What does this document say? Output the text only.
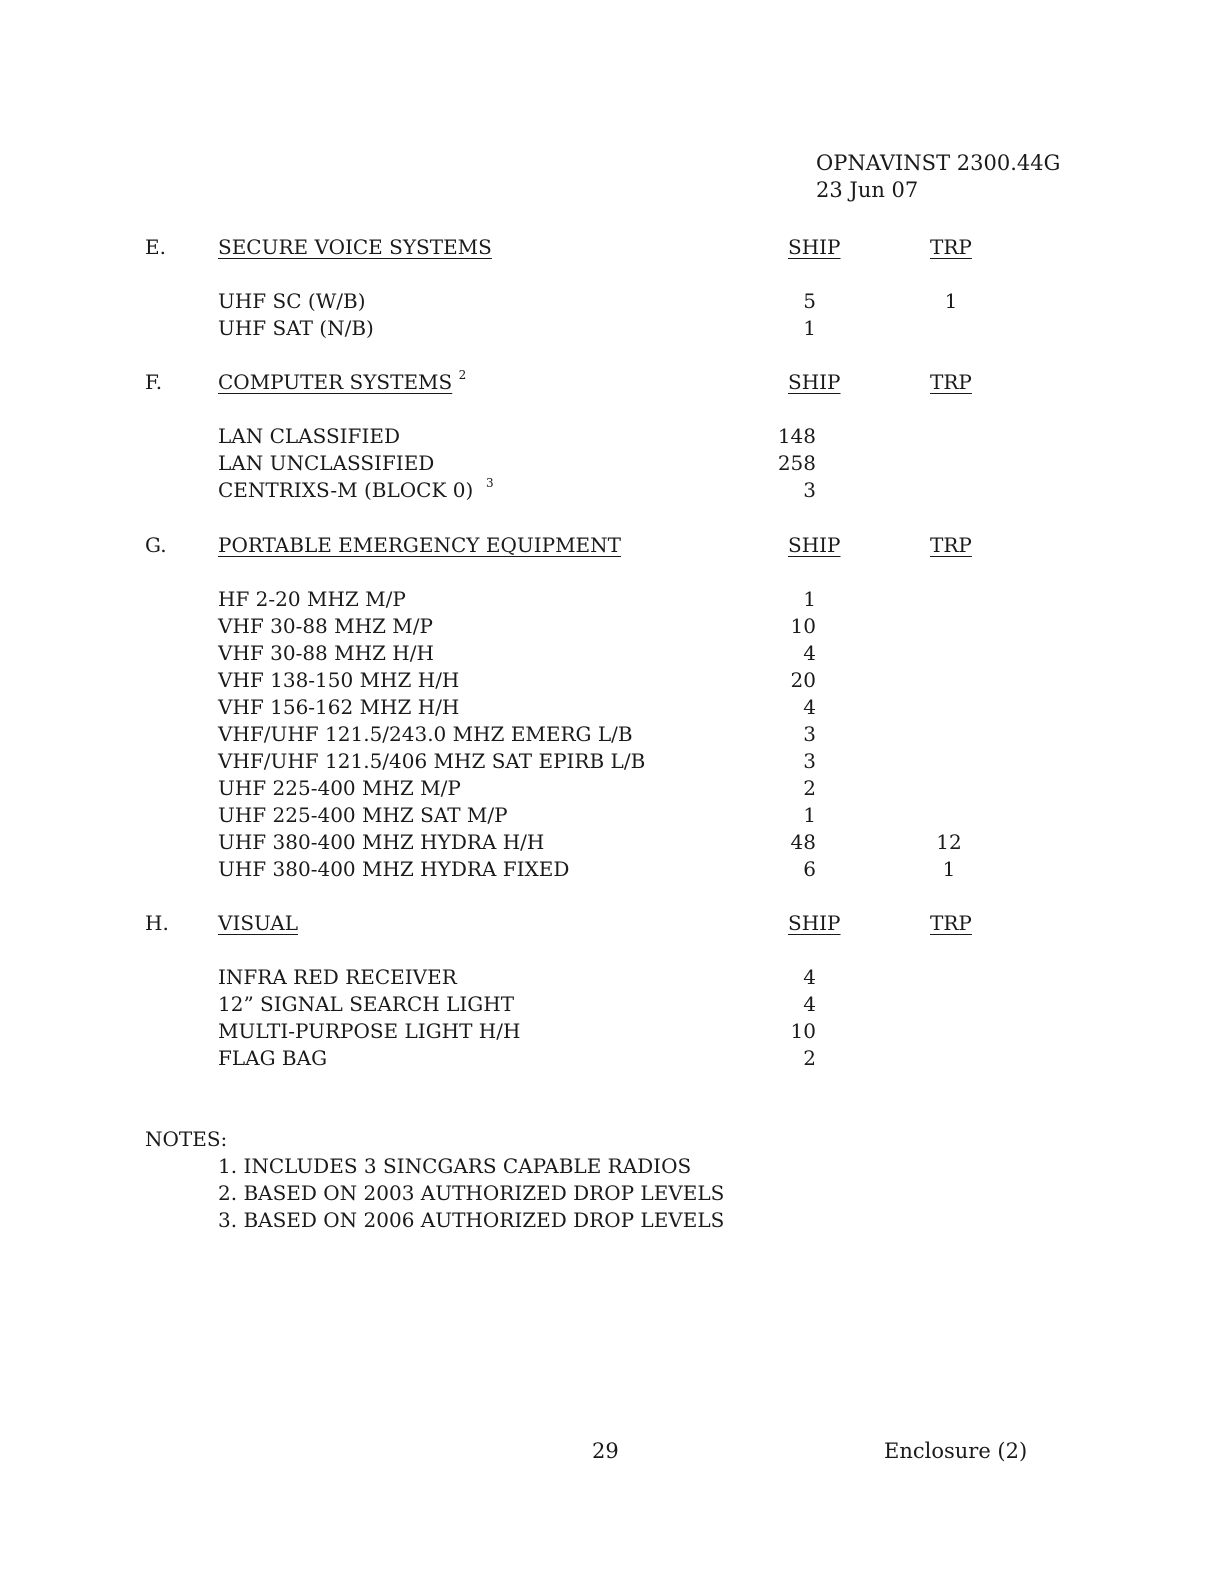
OPNAVINST 2300.44G
23 Jun 07
E.	SECURE VOICE SYSTEMS	SHIP	TRP
UHF SC (W/B)	5	1
UHF SAT (N/B)	1
F.	COMPUTER SYSTEMS $^2$	SHIP	TRP
LAN CLASSIFIED	148
LAN UNCLASSIFIED	258
CENTRIXS-M (BLOCK 0) $^3$	3
G.	PORTABLE EMERGENCY EQUIPMENT	SHIP	TRP
HF 2-20 MHZ M/P	1
VHF 30-88 MHZ M/P	10
VHF 30-88 MHZ H/H	4
VHF 138-150 MHZ H/H	20
VHF 156-162 MHZ H/H	4
VHF/UHF 121.5/243.0 MHZ EMERG L/B	3
VHF/UHF 121.5/406 MHZ SAT EPIRB L/B	3
UHF 225-400 MHZ M/P	2
UHF 225-400 MHZ SAT M/P	1
UHF 380-400 MHZ HYDRA H/H	48	12
UHF 380-400 MHZ HYDRA FIXED	6	1
H. VISUAL	SHIP	TRP
INFRA RED RECEIVER	4
12” SIGNAL SEARCH LIGHT	4
MULTI-PURPOSE LIGHT H/H	10
FLAG BAG	2
NOTES:
1. INCLUDES 3 SINCGARS CAPABLE RADIOS
2. BASED ON 2003 AUTHORIZED DROP LEVELS
3. BASED ON 2006 AUTHORIZED DROP LEVELS
29	Enclosure (2)
